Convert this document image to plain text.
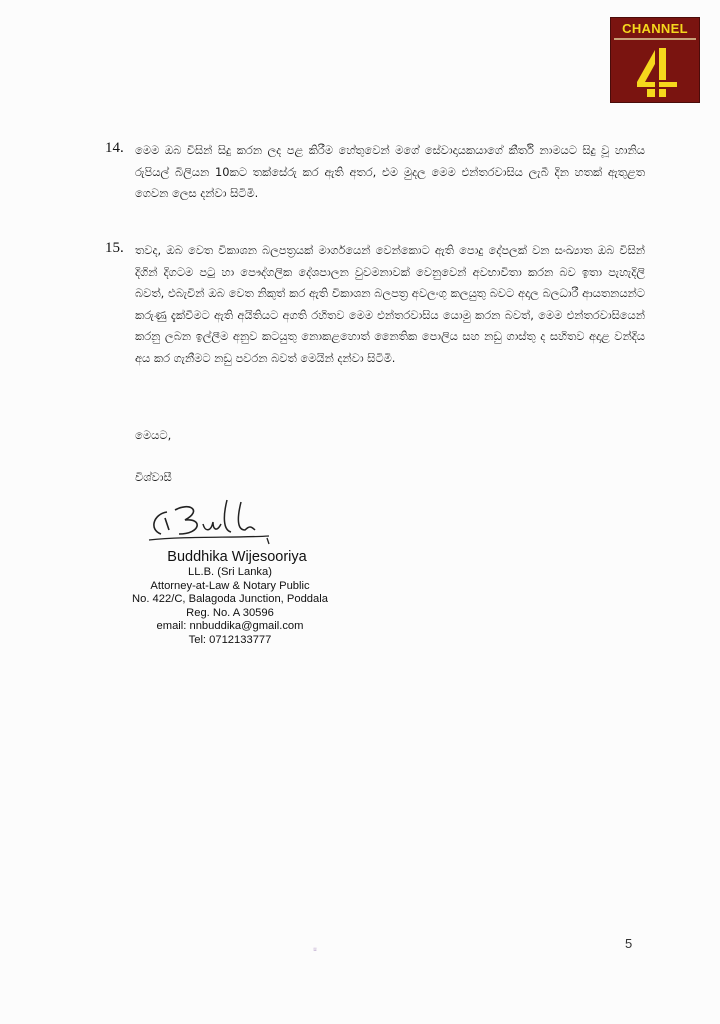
CHANNEL
14. මෙම ඔබ විසින් සිදු කරන ලද පළ කිරීම හේතුවෙන් මගේ සේවාදායකයාගේ කීර්ති නාමයට සිදු වූ හානිය රුපියල් බිලියන 10කට තක්සේරු කර ඇති අතර, එම මුදල මෙම එන්තරවාසිය ලැබී දින හතක් ඇතුළත ගෙවන ලෙස දන්වා සිටිමි.
15. තවද, ඔබ වෙත විකාශන බලපත්‍රයක් මාර්ගයෙන් වෙන්කොට ඇති පොදු දේපලක් වන සංඛ්‍යාත ඔබ විසින් දිගින් දිගටම පටු හා පෞද්ගලික දේශපාලන වුවමනාවක් වෙනුවෙන් අවභාවිතා කරන බව ඉතා පැහැදිලි බවත්, එබැවින් ඔබ වෙත නිකුත් කර ඇති විකාශන බලපත්‍ර අවලංගු කලයුතු බවට අදාල බලධාරී ආයතනයන්ට කරුණු දැක්වීමට ඇති අයිතියට අගති රහිතව මෙම එන්තරවාසිය යොමු කරන බවත්, මෙම එන්තරවාසියෙන් කරනු ලබන ඉල්ලීම අනුව කටයුතු නොකළහොත් නෛතික පොලිය සහ නඩු ගාස්තු ද සහිතව අදාළ වන්දිය අය කර ගැනීමට නඩු පවරන බවත් මෙයින් දන්වා සිටිමි.
මෙයට,
විශ්වාසී
Buddhika Wijesooriya
LL.B. (Sri Lanka)
Attorney-at-Law & Notary Public
No. 422/C, Balagoda Junction, Poddala
Reg. No. A 30596
email: nnbuddika@gmail.com
Tel: 0712133777
ෂ	5
